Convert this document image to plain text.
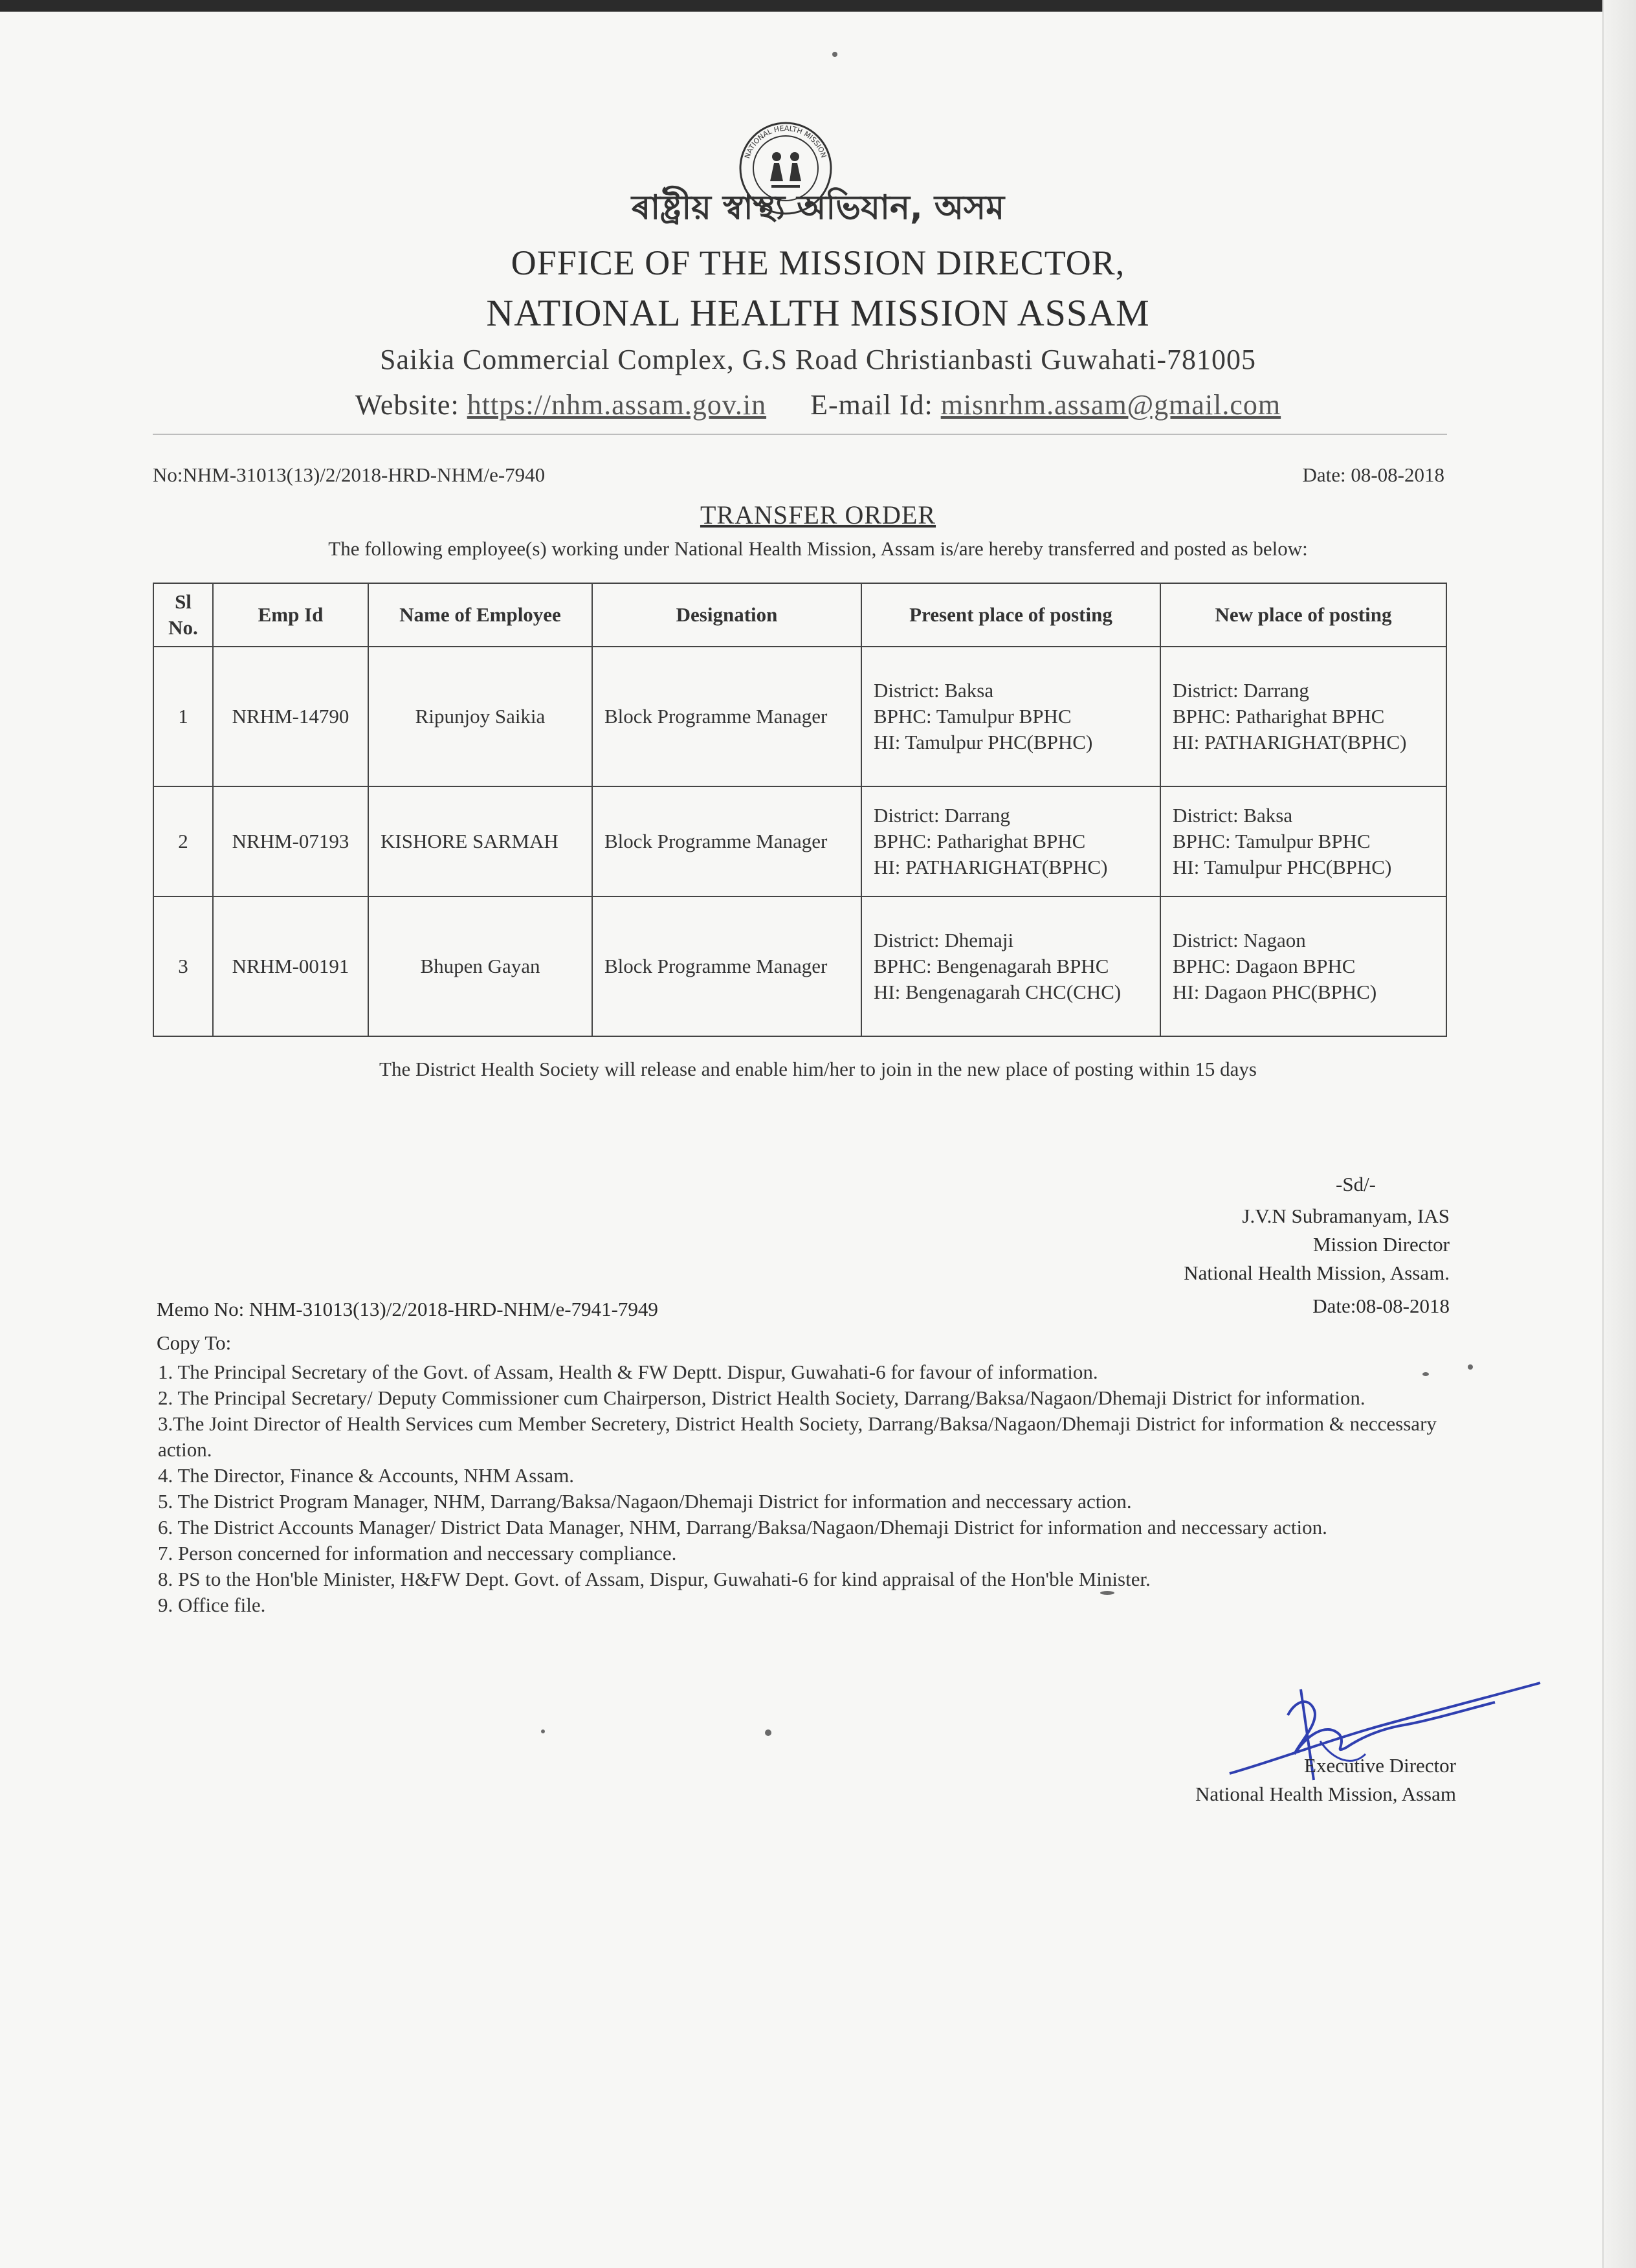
NATIONAL HEALTH MISSION
ৰাষ্ট্ৰীয় স্বাস্থ্য অভিযান, অসম
OFFICE OF THE MISSION DIRECTOR,
NATIONAL HEALTH MISSION ASSAM
Saikia Commercial Complex, G.S Road Christianbasti Guwahati-781005
Website: https://nhm.assam.gov.in E-mail Id: misnrhm.assam@gmail.com
No:NHM-31013(13)/2/2018-HRD-NHM/e-7940	Date: 08-08-2018
TRANSFER ORDER
The following employee(s) working under National Health Mission, Assam is/are hereby transferred and posted as below:
Sl No.	Emp Id	Name of Employee	Designation	Present place of posting	New place of posting
1	NRHM-14790	Ripunjoy Saikia	Block Programme Manager	District: Baksa
BPHC: Tamulpur BPHC
HI: Tamulpur PHC(BPHC)	District: Darrang
BPHC: Patharighat BPHC
HI: PATHARIGHAT(BPHC)
2	NRHM-07193	KISHORE SARMAH	Block Programme Manager	District: Darrang
BPHC: Patharighat BPHC
HI: PATHARIGHAT(BPHC)	District: Baksa
BPHC: Tamulpur BPHC
HI: Tamulpur PHC(BPHC)
3	NRHM-00191	Bhupen Gayan	Block Programme Manager	District: Dhemaji
BPHC: Bengenagarah BPHC
HI: Bengenagarah CHC(CHC)	District: Nagaon
BPHC: Dagaon BPHC
HI: Dagaon PHC(BPHC)
The District Health Society will release and enable him/her to join in the new place of posting within 15 days
-Sd/-
J.V.N Subramanyam, IAS
Mission Director
National Health Mission, Assam.
Memo No: NHM-31013(13)/2/2018-HRD-NHM/e-7941-7949	Date:08-08-2018
Copy To:
1. The Principal Secretary of the Govt. of Assam, Health & FW Deptt. Dispur, Guwahati-6 for favour of information.
2. The Principal Secretary/ Deputy Commissioner cum Chairperson, District Health Society, Darrang/Baksa/Nagaon/Dhemaji District for information.
3.The Joint Director of Health Services cum Member Secretery, District Health Society, Darrang/Baksa/Nagaon/Dhemaji District for information & neccessary action.
4. The Director, Finance & Accounts, NHM Assam.
5. The District Program Manager, NHM, Darrang/Baksa/Nagaon/Dhemaji District for information and neccessary action.
6. The District Accounts Manager/ District Data Manager, NHM, Darrang/Baksa/Nagaon/Dhemaji District for information and neccessary action.
7. Person concerned for information and neccessary compliance.
8. PS to the Hon'ble Minister, H&FW Dept. Govt. of Assam, Dispur, Guwahati-6 for kind appraisal of the Hon'ble Minister.
9. Office file.
Executive Director
National Health Mission, Assam
